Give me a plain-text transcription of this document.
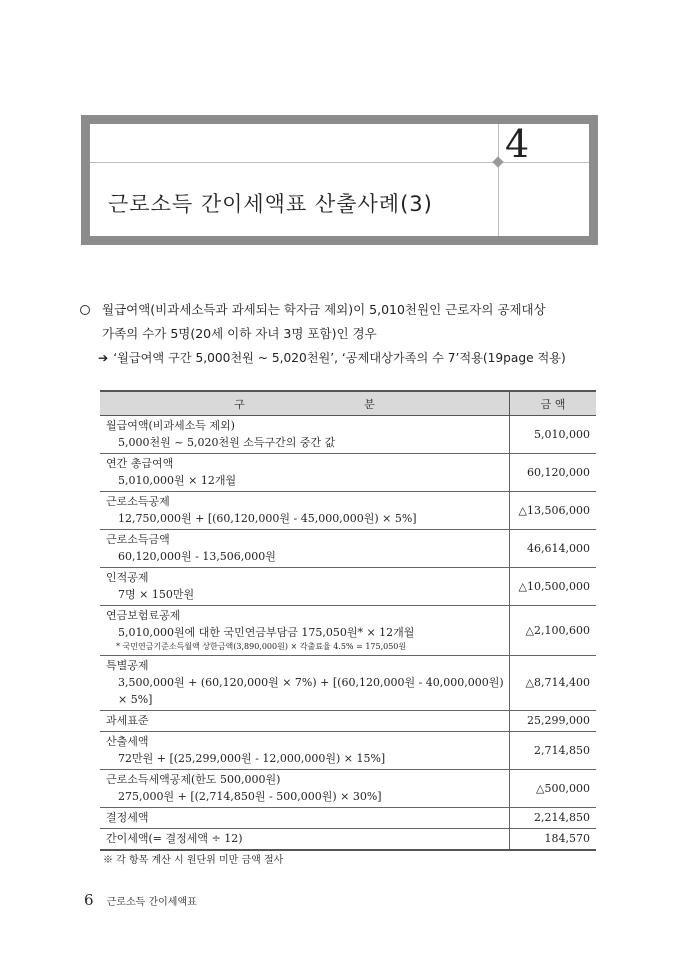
4
근로소득 간이세액표 산출사례(3)
월급여액(비과세소득과 과세되는 학자금 제외)이 5,010천원인 근로자의 공제대상
가족의 수가 5명(20세 이하 자녀 3명 포함)인 경우
➔ ‘월급여액 구간 5,000천원 ~ 5,020천원’, ‘공제대상가족의 수 7’적용(19page 적용)
구 분	금 액
월급여액(비과세소득 제외)
5,000천원 ~ 5,020천원 소득구간의 중간 값	5,010,000
연간 총급여액
5,010,000원 × 12개월	60,120,000
근로소득공제
12,750,000원 + [(60,120,000원 - 45,000,000원) × 5%]	△13,506,000
근로소득금액
60,120,000원 - 13,506,000원	46,614,000
인적공제
7명 × 150만원	△10,500,000
연금보험료공제
5,010,000원에 대한 국민연금부담금 175,050원* × 12개월
* 국민연금기준소득월액 상한금액(3,890,000원) × 각출료율 4.5% = 175,050원	△2,100,600
특별공제
3,500,000원 + (60,120,000원 × 7%) + [(60,120,000원 - 40,000,000원) × 5%]	△8,714,400
과세표준	25,299,000
산출세액
72만원 + [(25,299,000원 - 12,000,000원) × 15%]	2,714,850
근로소득세액공제(한도 500,000원)
275,000원 + [(2,714,850원 - 500,000원) × 30%]	△500,000
결정세액	2,214,850
간이세액(= 결정세액 ÷ 12)	184,570
※ 각 항목 계산 시 원단위 미만 금액 절사
6 근로소득 간이세액표
